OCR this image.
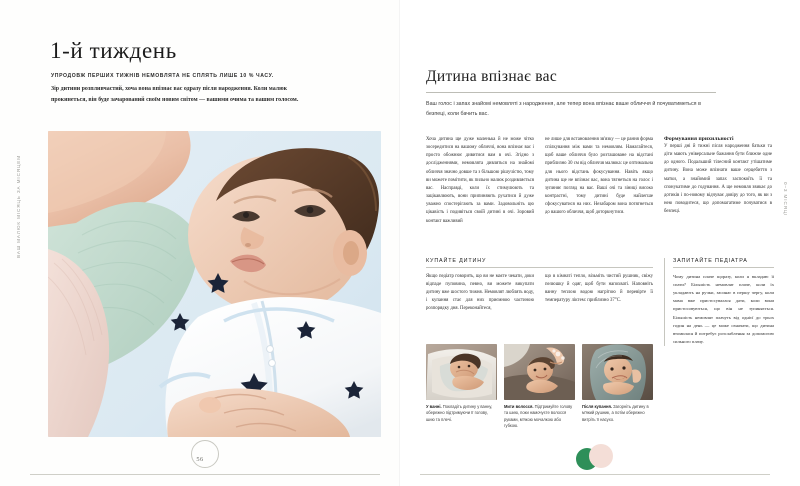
ВАШ МАЛЮК МІСЯЦЬ ЗА МІСЯЦЕМ
1-й тиждень
УПРОДОВЖ ПЕРШИХ ТИЖНІВ НЕМОВЛЯТА НЕ СПЛЯТЬ ЛИШЕ 10 % ЧАСУ.
Зір дитини розпливчастий, хоча вона впізнає вас одразу після народження. Коли малюк прокинеться, він буде зачарований своїм новим світом — вашими очима та вашим голосом.
56
0–3 МІСЯЦІ
Дитина впізнає вас
Ваш голос і запах знайомі немовляті з народження, але тепер вона впізнає ваше обличчя й почуватиметься в безпеці, коли бачить вас.

Хоча дитина ще дуже маленька й не може чітко зосередитися на вашому обличчі, вона впізнає вас і просто обожнює дивитися вам в очі. Згідно з дослідженнями, немовлята дивляться на знайомі обличчя значно довше та з більшою рішучістю, тому ви можете помітити, як пильно малюк роздивляється вас. Насправді, коли їх стимулюють та зацікавлюють, вони припиняють рухатися й дуже уважно спостерігають за вами. Задовольніть цю цікавість і подивіться своїй дитині в очі. Зоровий контакт важливий

не лише для встановлення зв'язку — це рання форма спілкування між вами та немовлям. Намагайтеся, щоб ваше обличчя було розташоване на відстані приблизно 30 см від обличчя малюка: це оптимальна для нього відстань фокусування. Навіть якщо дитина ще не впізнає вас, вона тягнеться на голос і зупиняє погляд на вас. Ваші очі та зіниці високо контрастні, тому дитині буде найлегше сфокусуватися на них. Незабаром вона потягнеться до вашого обличчя, щоб доторкнутися.

Формування прихильності

У перші дні й тижні після народження батьки та діти мають універсальне бажання бути ближче одне до одного. Подальший тілесний контакт утішатиме дитину. Вона може впізнати ваше серцебиття з матки, а знайомий запах заспокоїть її та спонукатиме до годування. А ще немовля звикає до дотиків і по-новому відчуває довіру до того, як ви з нею поводитеся, що допомагатиме почуватися в безпеці.

КУПАЙТЕ ДИТИНУ

Якщо педіатр говорить, що ви не маєте чекати, доки відпаде пуповина, певно, ви можете викупати дитину вже шостого тижня. Немовлят люблять воду, і купання стає для них приємною частиною розпорядку дня. Переконайтеся,

що в кімнаті тепло, візьміть чистий рушник, свіжу пелюшку й одяг, щоб бути напохваті. Наповніть ванну теплою водою нагрітою й перевірте її температуру ліктем: приблизно 37°C.

ЗАПИТАЙТЕ ПЕДІАТРА

Чому дитина плаче щоразу, коли я вкладаю її спати? Більшість немовлят плаче, коли їх укладають на ручки, засинає в першу чергу, коли мама вже пристосувалася дати, коли вони пристосовуються, що він не зупиняється. Більшість немовлят плачуть від однієї до трьох годин на день — це може означати, що дитина втомилася й потребує розслаблення за допомогою сильного плачу.

У ванні. Покладіть дитину у ванну, обережно підтримуючи її голову, шию та плечі.
Мити волосся. Підтримуйте голову та шию, поки намочуєте волосся руками, м'якою мочалкою або губкою.
Після купання. Загорніть дитину в м'який рушник, а потім обережно витріть її насухо.
